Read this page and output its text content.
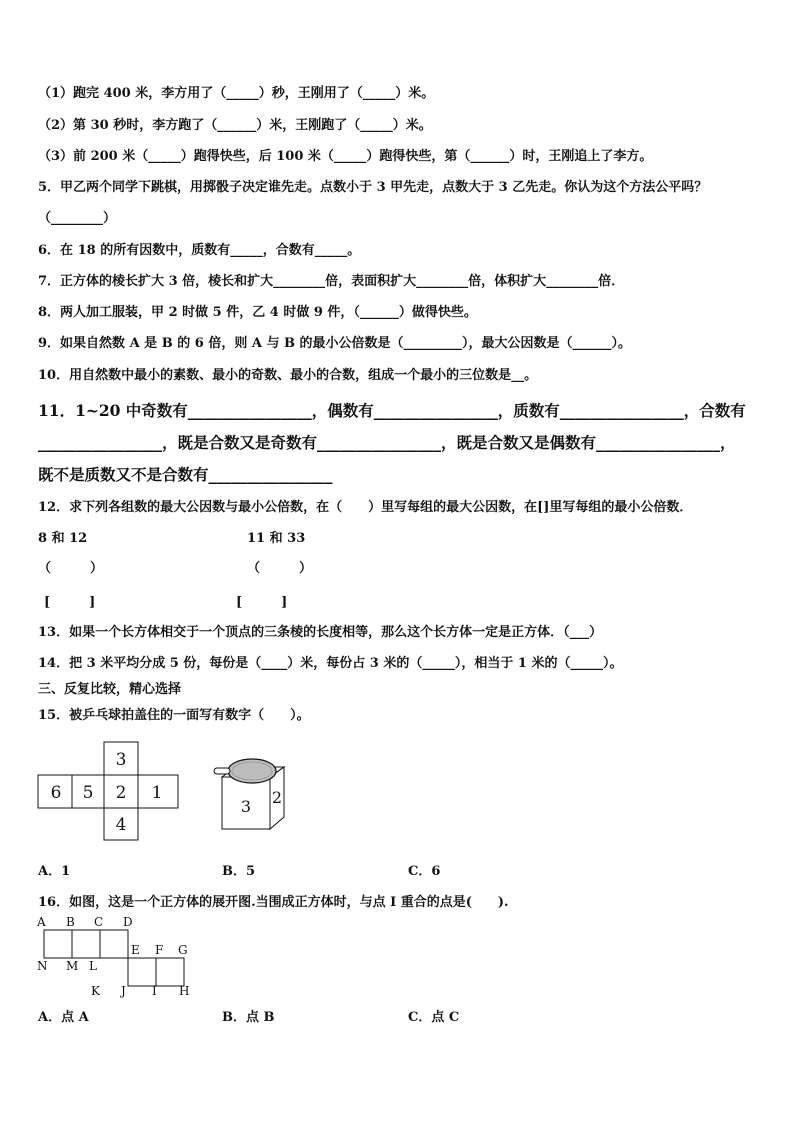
（1）跑完 400 米，李方用了（_____）秒，王刚用了（_____）米。
（2）第 30 秒时，李方跑了（______）米，王刚跑了（_____）米。
（3）前 200 米（_____）跑得快些，后 100 米（_____）跑得快些，第（______）时，王刚追上了李方。
5．甲乙两个同学下跳棋，用掷骰子决定谁先走。点数小于 3 甲先走，点数大于 3 乙先走。你认为这个方法公平吗？
（________）
6．在 18 的所有因数中，质数有_____，合数有_____。
7．正方体的棱长扩大 3 倍，棱长和扩大________倍，表面积扩大________倍，体积扩大________倍．
8．两人加工服装，甲 2 时做 5 件，乙 4 时做 9 件，（______）做得快些。
9．如果自然数 A 是 B 的 6 倍，则 A 与 B 的最小公倍数是（_________），最大公因数是（______）。
10．用自然数中最小的素数、最小的奇数、最小的合数，组成一个最小的三位数是__。
11．1~20 中奇数有________________，偶数有________________，质数有________________，合数有
________________，既是合数又是奇数有________________，既是合数又是偶数有________________，
既不是质数又不是合数有________________
12．求下列各组数的最大公因数与最小公倍数，在（　　）里写每组的最大公因数，在[]里写每组的最小公倍数．
8 和 12	11 和 33
（　　　）	（　　　）
[　　　]	[　　　]
13．如果一个长方体相交于一个顶点的三条棱的长度相等，那么这个长方体一定是正方体．（___）
14．把 3 米平均分成 5 份，每份是（____）米，每份占 3 米的（_____），相当于 1 米的（_____）。
三、反复比较，精心选择
15．被乒乓球拍盖住的一面写有数字（　　）。
3
6 5 2 1
4
3 2
A．1	B．5	C．6
16．如图，这是一个正方体的展开图.当围成正方体时，与点 I 重合的点是(　　).
A B C D
N M L
E F G
K J I H
A．点 A	B．点 B	C．点 C
